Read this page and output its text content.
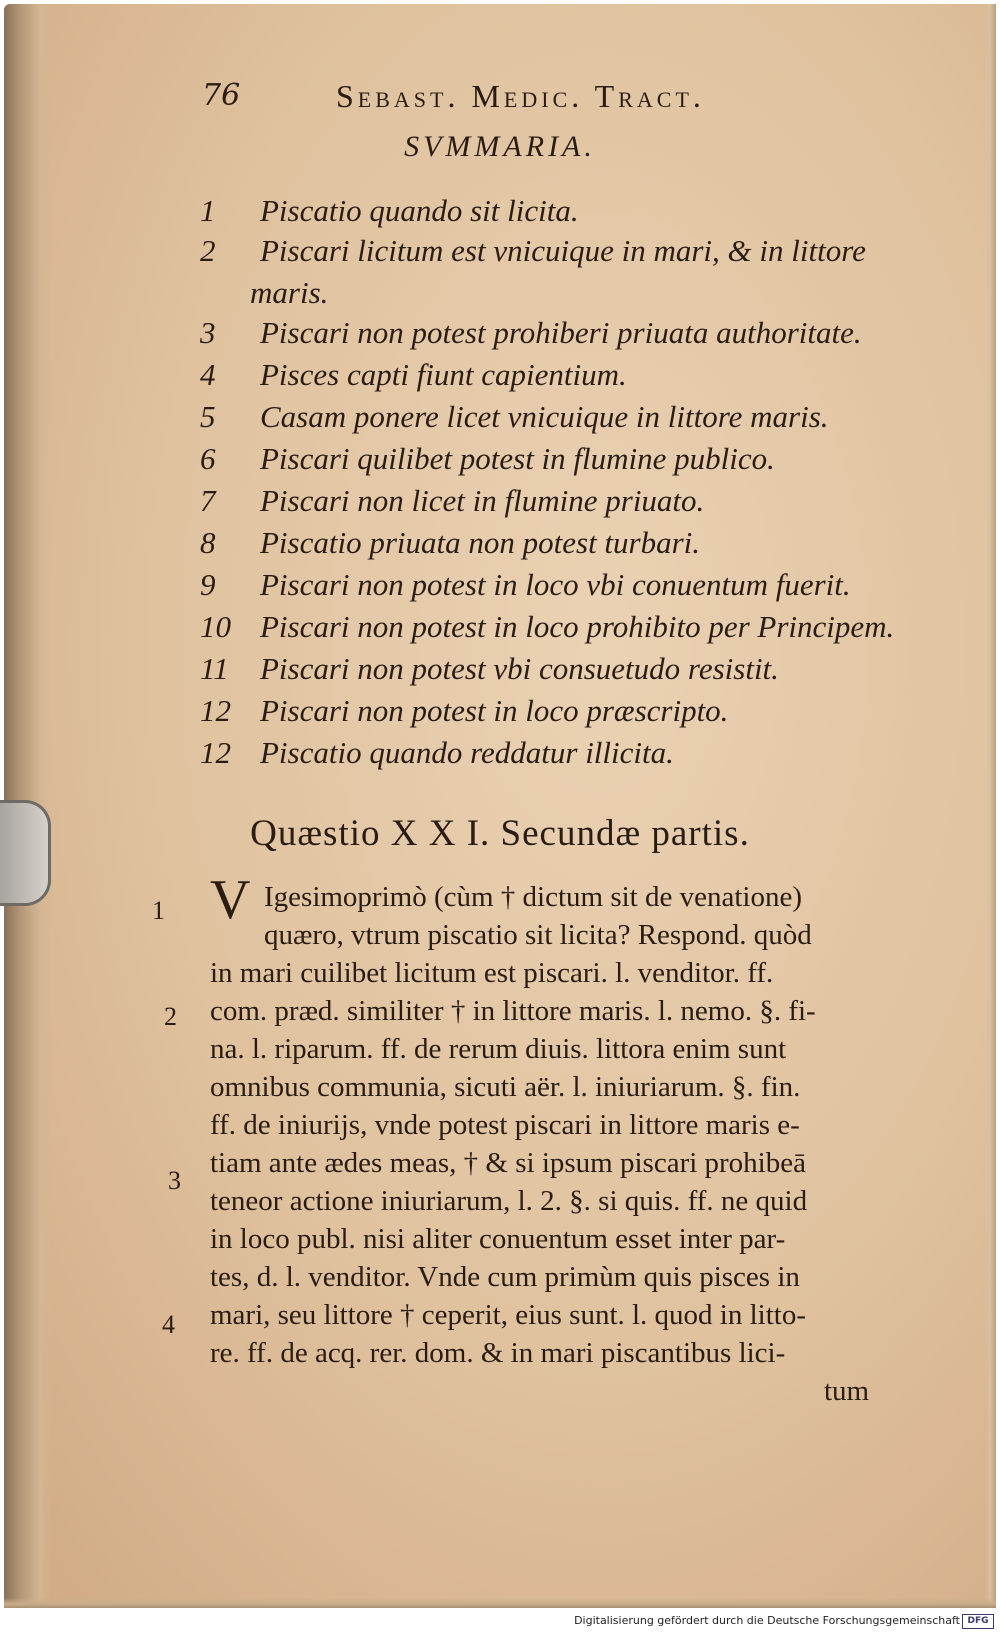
76	Sebast. Medic. Tract.
SVMMARIA.
1	Piscatio quando sit licita.
2	Piscari licitum est vnicuique in mari, & in littore
maris.
3	Piscari non potest prohiberi priuata authoritate.
4	Pisces capti fiunt capientium.
5	Casam ponere licet vnicuique in littore maris.
6	Piscari quilibet potest in flumine publico.
7	Piscari non licet in flumine priuato.
8	Piscatio priuata non potest turbari.
9	Piscari non potest in loco vbi conuentum fuerit.
10 Piscari non potest in loco prohibito per Principem.
11	Piscari non potest vbi consuetudo resistit.
12 Piscari non potest in loco præscripto.
12 Piscatio quando reddatur illicita.
Quæstio X X I. Secundæ partis.
1
2
3
4
V Igesimoprimò (cùm † dictum sit de venatione)
quæro, vtrum piscatio sit licita? Respond. quòd
in mari cuilibet licitum est piscari. l. venditor. ff.
com. præd. similiter † in littore maris. l. nemo. §. fi-
na. l. riparum. ff. de rerum diuis. littora enim sunt
omnibus communia, sicuti aër. l. iniuriarum. §. fin.
ff. de iniurijs, vnde potest piscari in littore maris e-
tiam ante ædes meas, † & si ipsum piscari prohibeā
teneor actione iniuriarum, l. 2. §. si quis. ff. ne quid
in loco publ. nisi aliter conuentum esset inter par-
tes, d. l. venditor. Vnde cum primùm quis pisces in
mari, seu littore † ceperit, eius sunt. l. quod in litto-
re. ff. de acq. rer. dom. & in mari piscantibus lici-
tum
Digitalisierung gefördert durch die Deutsche Forschungsgemeinschaft DFG
